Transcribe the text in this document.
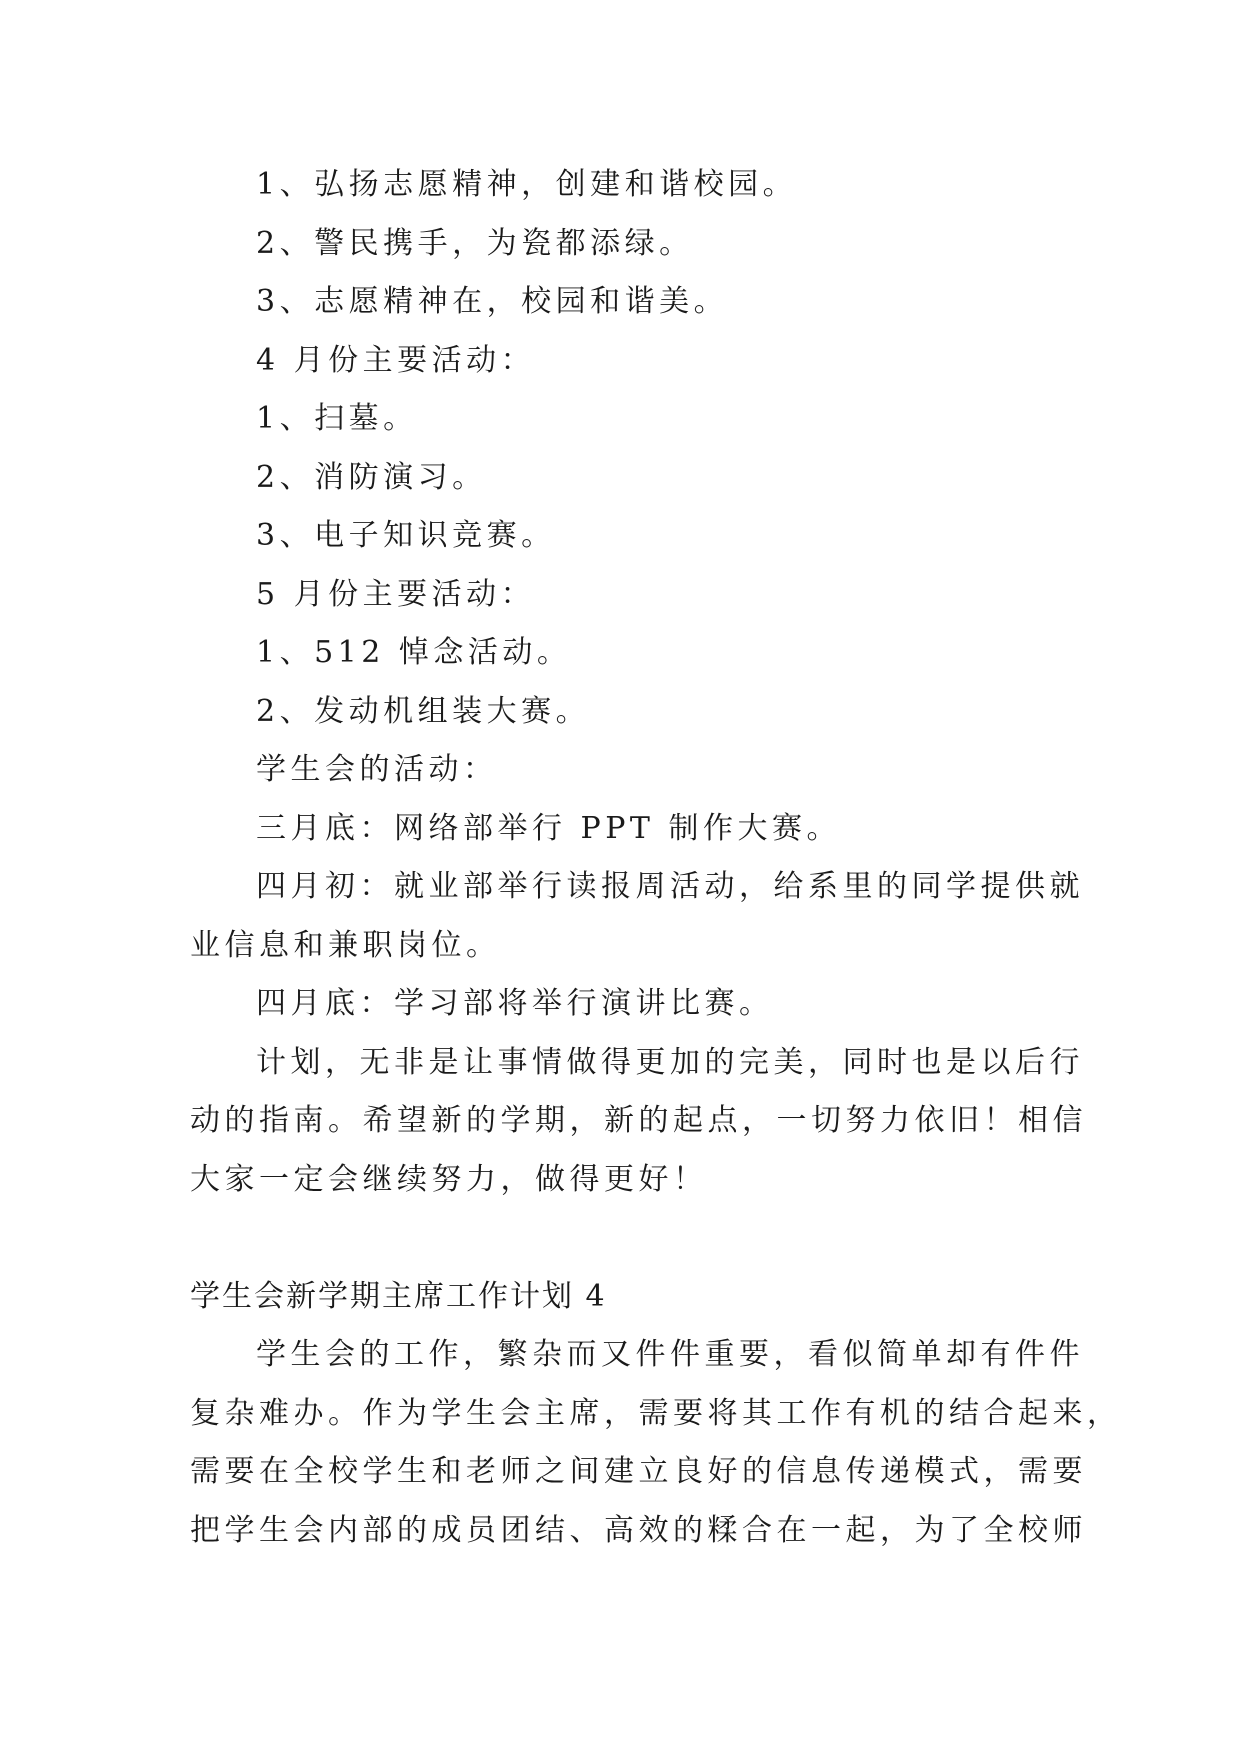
1、弘扬志愿精神，创建和谐校园。
2、警民携手，为瓷都添绿。
3、志愿精神在，校园和谐美。
4 月份主要活动：
1、扫墓。
2、消防演习。
3、电子知识竞赛。
5 月份主要活动：
1、512 悼念活动。
2、发动机组装大赛。
学生会的活动：
三月底：网络部举行 PPT 制作大赛。
四月初：就业部举行读报周活动，给系里的同学提供就
业信息和兼职岗位。
四月底：学习部将举行演讲比赛。
计划，无非是让事情做得更加的完美，同时也是以后行
动的指南。希望新的学期，新的起点，一切努力依旧！相信
大家一定会继续努力，做得更好！
学生会新学期主席工作计划 4
学生会的工作，繁杂而又件件重要，看似简单却有件件
复杂难办。作为学生会主席，需要将其工作有机的结合起来，
需要在全校学生和老师之间建立良好的信息传递模式，需要
把学生会内部的成员团结、高效的糅合在一起，为了全校师
